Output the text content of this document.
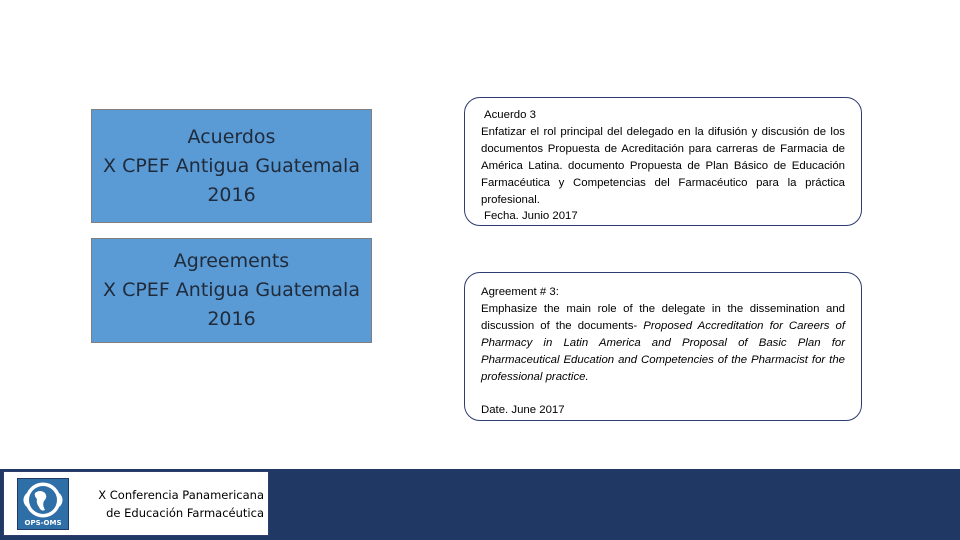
Acuerdos
X CPEF Antigua Guatemala
2016
Agreements
X CPEF Antigua Guatemala
2016
Acuerdo 3
Enfatizar el rol principal del delegado en la difusión y discusión de los documentos Propuesta de Acreditación para carreras de Farmacia de América Latina. documento Propuesta de Plan Básico de Educación Farmacéutica y Competencias del Farmacéutico para la práctica profesional.
Fecha. Junio 2017
Agreement # 3:
Emphasize the main role of the delegate in the dissemination and discussion of the documents- Proposed Accreditation for Careers of Pharmacy in Latin America and Proposal of Basic Plan for Pharmaceutical Education and Competencies of the Pharmacist for the professional practice.
Date. June 2017
OPS-OMS
X Conferencia Panamericana
de Educación Farmacéutica
